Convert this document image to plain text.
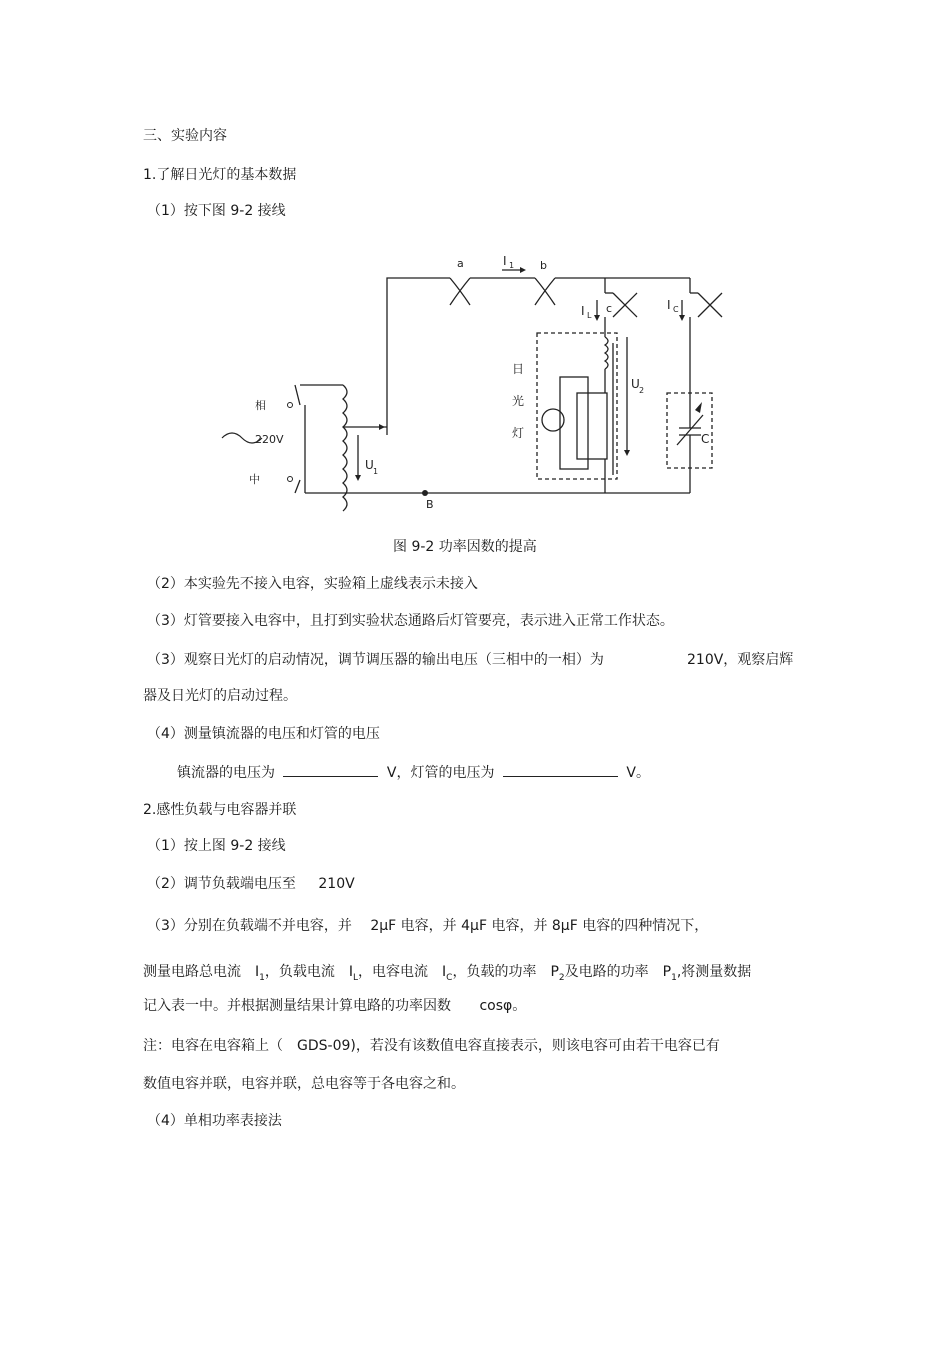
三、实验内容
1.了解日光灯的基本数据
（1）按下图 9-2 接线
a	b
c
I 1
I L
I C
U 2
U 1
相
中
220V
日
光
灯	C
B
图 9-2 功率因数的提高
（2）本实验先不接入电容，实验箱上虚线表示未接入
（3）灯管要接入电容中，且打到实验状态通路后灯管要亮，表示进入正常工作状态。
（3）观察日光灯的启动情况，调节调压器的输出电压（三相中的一相）为	210V，观察启辉
器及日光灯的启动过程。
（4）测量镇流器的电压和灯管的电压
镇流器的电压为	V，灯管的电压为	V。
2.感性负载与电容器并联
（1）按上图 9-2 接线
（2）调节负载端电压至 210V
（3）分别在负载端不并电容，并　 2μF 电容，并 4μF 电容，并 8μF 电容的四种情况下，
测量电路总电流　$I_1$，负载电流　$I_L$，电容电流　$I_C$，负载的功率　$P_2$及电路的功率　$P_1$,将测量数据
记入表一中。并根据测量结果计算电路的功率因数 cosφ。
注：电容在电容箱上（　GDS-09)，若没有该数值电容直接表示，则该电容可由若干电容已有
数值电容并联，电容并联，总电容等于各电容之和。
（4）单相功率表接法
